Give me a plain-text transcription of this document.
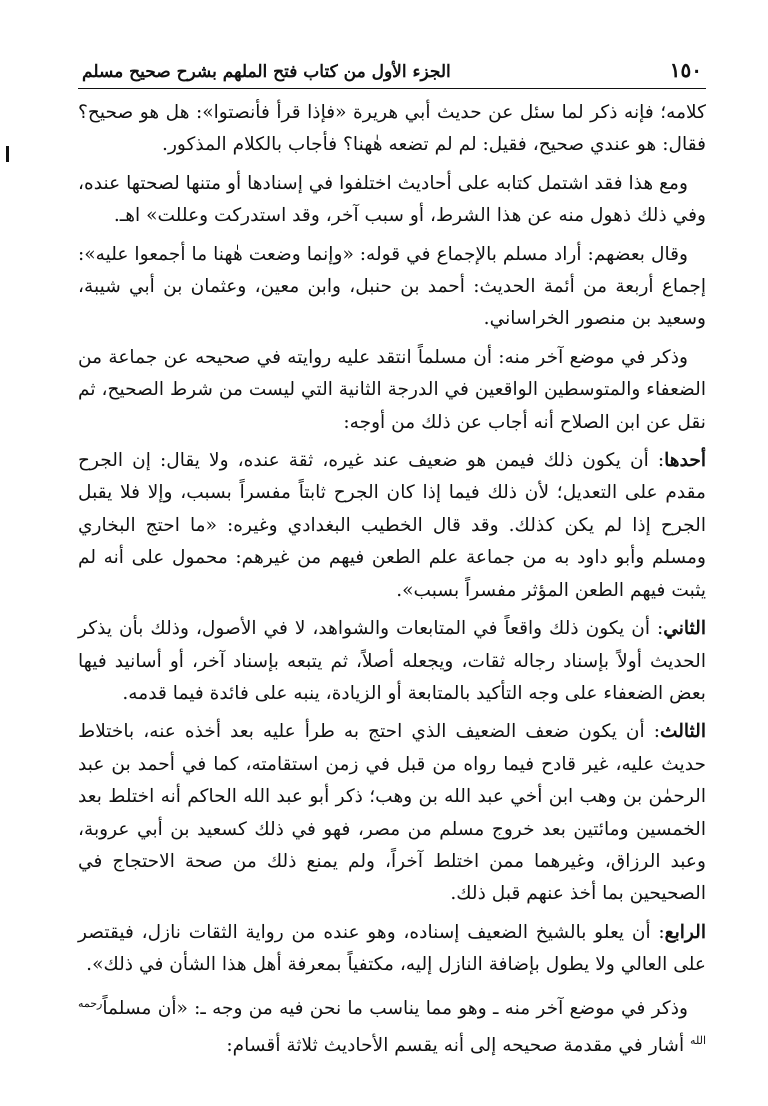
١٥٠
الجزء الأول من كتاب فتح الملهم بشرح صحيح مسلم

كلامه؛ فإنه ذكر لما سئل عن حديث أبي هريرة «فإذا قرأ فأنصتوا»: هل هو صحيح؟ فقال: هو عندي صحيح، فقيل: لم لم تضعه هٰهنا؟ فأجاب بالكلام المذكور.

ومع هذا فقد اشتمل كتابه على أحاديث اختلفوا في إسنادها أو متنها لصحتها عنده، وفي ذلك ذهول منه عن هذا الشرط، أو سبب آخر، وقد استدركت وعللت» اهـ.

وقال بعضهم: أراد مسلم بالإجماع في قوله: «وإنما وضعت هٰهنا ما أجمعوا عليه»: إجماع أربعة من أئمة الحديث: أحمد بن حنبل، وابن معين، وعثمان بن أبي شيبة، وسعيد بن منصور الخراساني.

وذكر في موضع آخر منه: أن مسلماً انتقد عليه روايته في صحيحه عن جماعة من الضعفاء والمتوسطين الواقعين في الدرجة الثانية التي ليست من شرط الصحيح، ثم نقل عن ابن الصلاح أنه أجاب عن ذلك من أوجه:

أحدها: أن يكون ذلك فيمن هو ضعيف عند غيره، ثقة عنده، ولا يقال: إن الجرح مقدم على التعديل؛ لأن ذلك فيما إذا كان الجرح ثابتاً مفسراً بسبب، وإلا فلا يقبل الجرح إذا لم يكن كذلك. وقد قال الخطيب البغدادي وغيره: «ما احتج البخاري ومسلم وأبو داود به من جماعة علم الطعن فيهم من غيرهم: محمول على أنه لم يثبت فيهم الطعن المؤثر مفسراً بسبب».

الثاني: أن يكون ذلك واقعاً في المتابعات والشواهد، لا في الأصول، وذلك بأن يذكر الحديث أولاً بإسناد رجاله ثقات، ويجعله أصلاً، ثم يتبعه بإسناد آخر، أو أسانيد فيها بعض الضعفاء على وجه التأكيد بالمتابعة أو الزيادة، ينبه على فائدة فيما قدمه.

الثالث: أن يكون ضعف الضعيف الذي احتج به طرأ عليه بعد أخذه عنه، باختلاط حديث عليه، غير قادح فيما رواه من قبل في زمن استقامته، كما في أحمد بن عبد الرحمٰن بن وهب ابن أخي عبد الله بن وهب؛ ذكر أبو عبد الله الحاكم أنه اختلط بعد الخمسين ومائتين بعد خروج مسلم من مصر، فهو في ذلك كسعيد بن أبي عروبة، وعبد الرزاق، وغيرهما ممن اختلط آخراً، ولم يمنع ذلك من صحة الاحتجاج في الصحيحين بما أخذ عنهم قبل ذلك.

الرابع: أن يعلو بالشيخ الضعيف إسناده، وهو عنده من رواية الثقات نازل، فيقتصر على العالي ولا يطول بإضافة النازل إليه، مكتفياً بمعرفة أهل هذا الشأن في ذلك».

وذكر في موضع آخر منه ـ وهو مما يناسب ما نحن فيه من وجه ـ: «أن مسلماً$^{رحمه الله}$ أشار في مقدمة صحيحه إلى أنه يقسم الأحاديث ثلاثة أقسام:
